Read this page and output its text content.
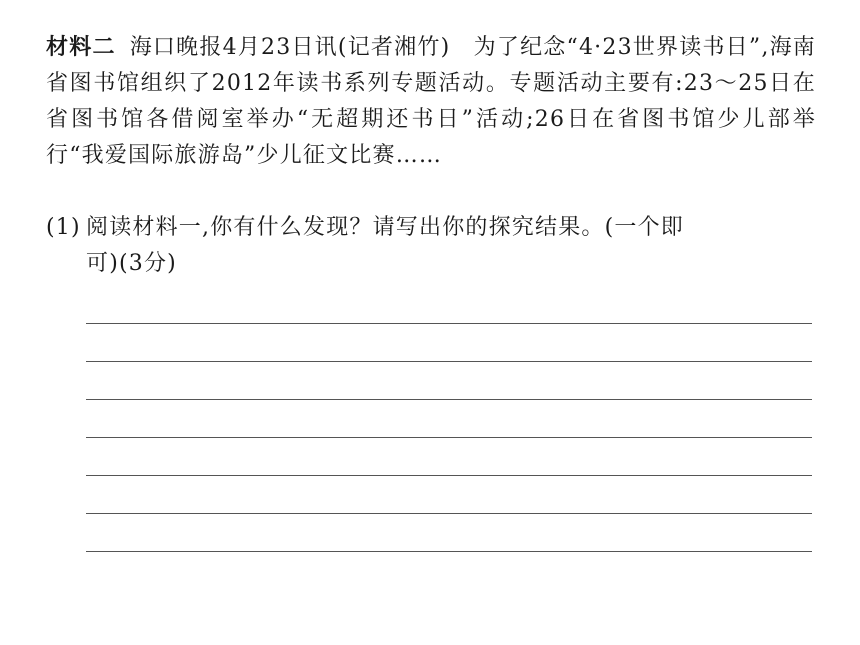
材料二 海口晚报4月23日讯(记者湘竹)　为了纪念“4·23世界读书日”,海南省图书馆组织了2012年读书系列专题活动。专题活动主要有:23～25日在省图书馆各借阅室举办“无超期还书日”活动;26日在省图书馆少儿部举行“我爱国际旅游岛”少儿征文比赛……

(1) 阅读材料一,你有什么发现？请写出你的探究结果。(一个即
可)(3分)
